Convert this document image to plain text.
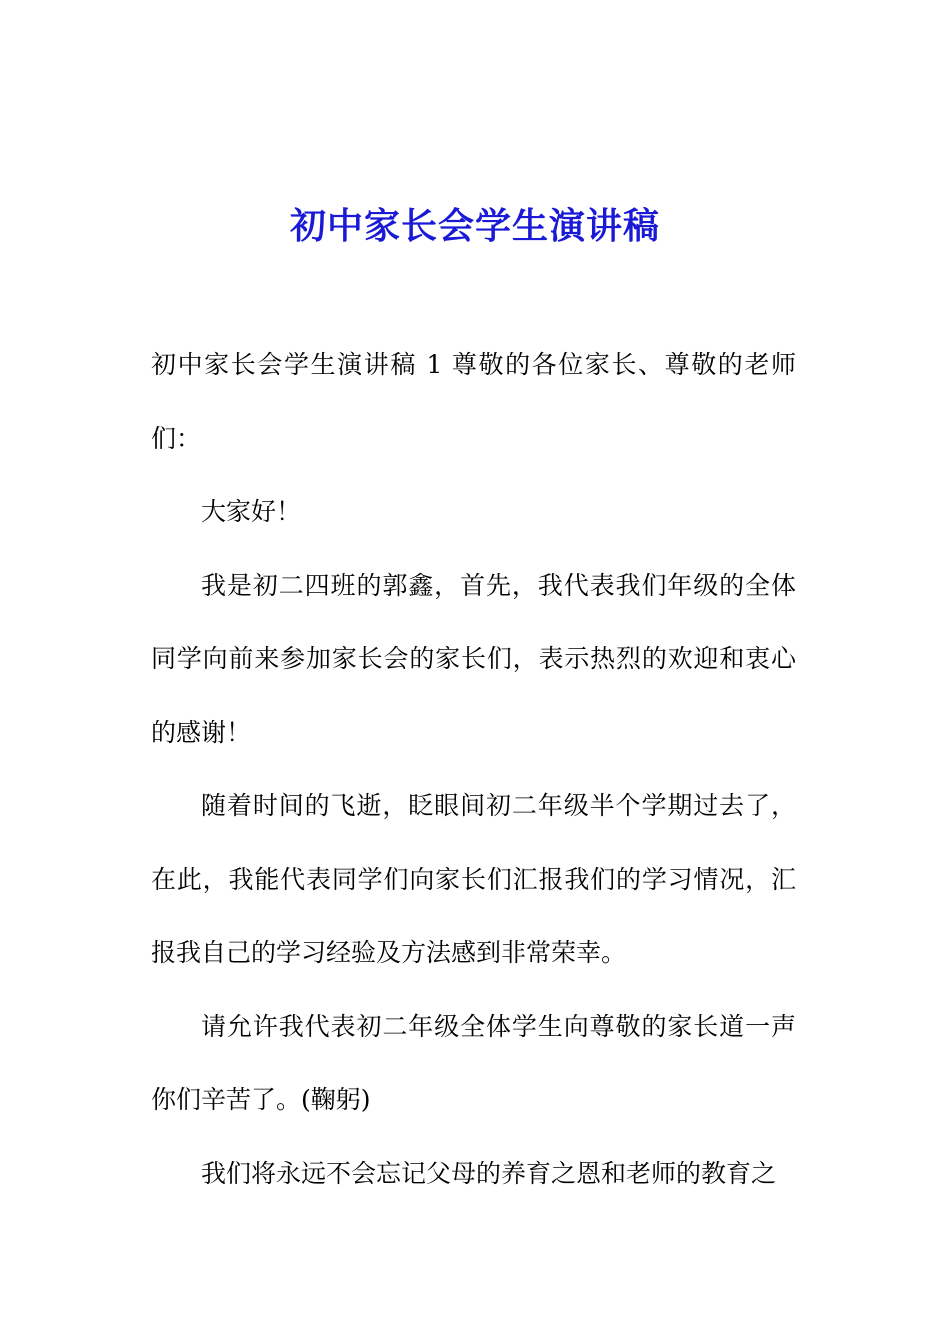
初中家长会学生演讲稿

初中家长会学生演讲稿 1 尊敬的各位家长、尊敬的老师们：

大家好！

我是初二四班的郭鑫，首先，我代表我们年级的全体同学向前来参加家长会的家长们，表示热烈的欢迎和衷心的感谢！

随着时间的飞逝，眨眼间初二年级半个学期过去了，在此，我能代表同学们向家长们汇报我们的学习情况，汇报我自己的学习经验及方法感到非常荣幸。

请允许我代表初二年级全体学生向尊敬的家长道一声你们辛苦了。(鞠躬)

我们将永远不会忘记父母的养育之恩和老师的教育之
